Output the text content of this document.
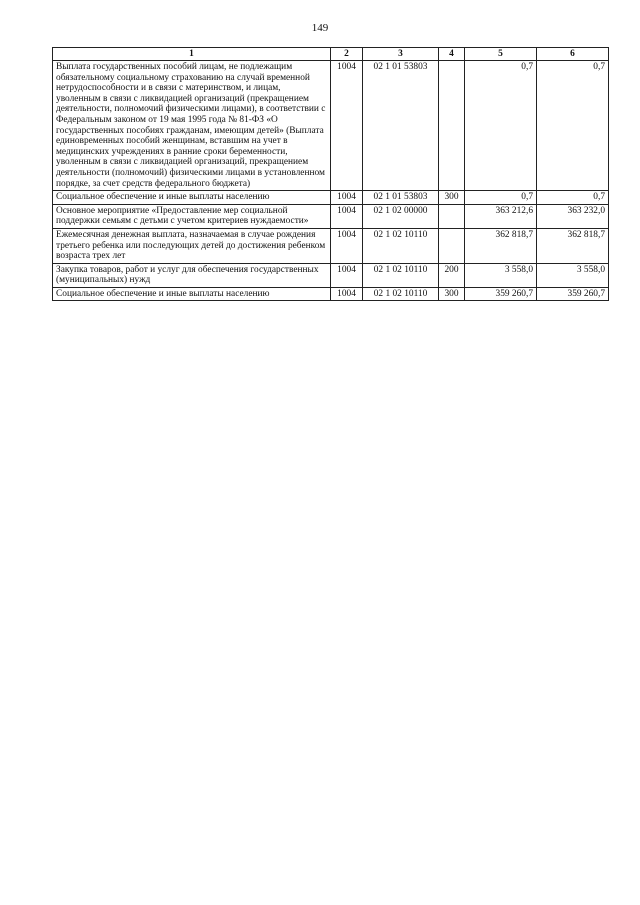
149
1	2	3	4	5	6
Выплата государственных пособий лицам, не подлежащим обязательному социальному страхованию на случай временной нетрудоспособности и в связи с материнством, и лицам, уволенным в связи с ликвидацией организаций (прекращением деятельности, полномочий физическими лицами), в соответствии с Федеральным законом от 19 мая 1995 года № 81-ФЗ «О государственных пособиях гражданам, имеющим детей» (Выплата единовременных пособий женщинам, вставшим на учет в медицинских учреждениях в ранние сроки беременности, уволенным в связи с ликвидацией организаций, прекращением деятельности (полномочий) физическими лицами в установленном порядке, за счет средств федерального бюджета)	1004	02 1 01 53803		0,7	0,7
Социальное обеспечение и иные выплаты населению	1004	02 1 01 53803	300	0,7	0,7
Основное мероприятие «Предоставление мер социальной поддержки семьям с детьми с учетом критериев нуждаемости»	1004	02 1 02 00000		363 212,6	363 232,0
Ежемесячная денежная выплата, назначаемая в случае рождения третьего ребенка или последующих детей до достижения ребенком возраста трех лет	1004	02 1 02 10110		362 818,7	362 818,7
Закупка товаров, работ и услуг для обеспечения государственных (муниципальных) нужд	1004	02 1 02 10110	200	3 558,0	3 558,0
Социальное обеспечение и иные выплаты населению	1004	02 1 02 10110	300	359 260,7	359 260,7
